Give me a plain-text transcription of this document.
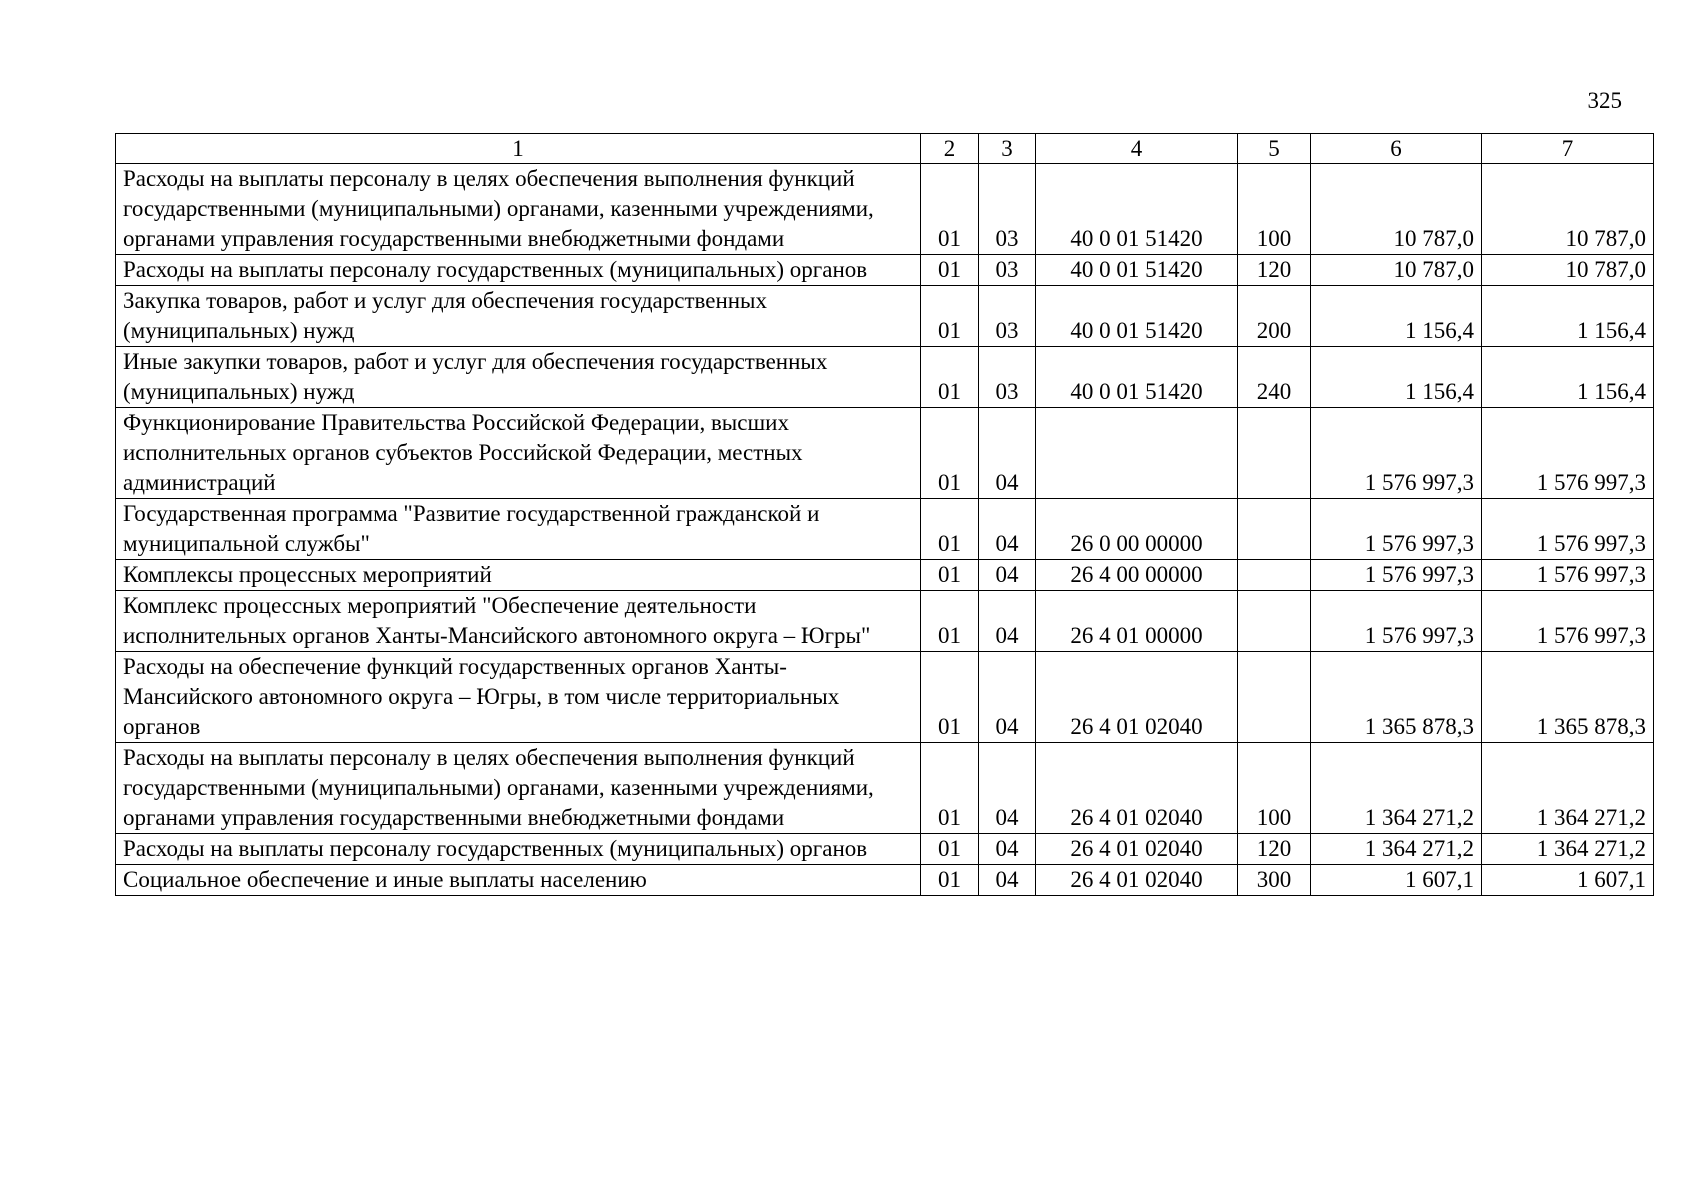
325
1	2	3	4	5	6	7
Расходы на выплаты персоналу в целях обеспечения выполнения функций государственными (муниципальными) органами, казенными учреждениями, органами управления государственными внебюджетными фондами	01	03	40 0 01 51420	100	10 787,0	10 787,0
Расходы на выплаты персоналу государственных (муниципальных) органов	01	03	40 0 01 51420	120	10 787,0	10 787,0
Закупка товаров, работ и услуг для обеспечения государственных (муниципальных) нужд	01	03	40 0 01 51420	200	1 156,4	1 156,4
Иные закупки товаров, работ и услуг для обеспечения государственных (муниципальных) нужд	01	03	40 0 01 51420	240	1 156,4	1 156,4
Функционирование Правительства Российской Федерации, высших исполнительных органов субъектов Российской Федерации, местных администраций	01	04			1 576 997,3	1 576 997,3
Государственная программа "Развитие государственной гражданской и муниципальной службы"	01	04	26 0 00 00000		1 576 997,3	1 576 997,3
Комплексы процессных мероприятий	01	04	26 4 00 00000		1 576 997,3	1 576 997,3
Комплекс процессных мероприятий "Обеспечение деятельности исполнительных органов Ханты-Мансийского автономного округа – Югры"	01	04	26 4 01 00000		1 576 997,3	1 576 997,3
Расходы на обеспечение функций государственных органов Ханты-Мансийского автономного округа – Югры, в том числе территориальных органов	01	04	26 4 01 02040		1 365 878,3	1 365 878,3
Расходы на выплаты персоналу в целях обеспечения выполнения функций государственными (муниципальными) органами, казенными учреждениями, органами управления государственными внебюджетными фондами	01	04	26 4 01 02040	100	1 364 271,2	1 364 271,2
Расходы на выплаты персоналу государственных (муниципальных) органов	01	04	26 4 01 02040	120	1 364 271,2	1 364 271,2
Социальное обеспечение и иные выплаты населению	01	04	26 4 01 02040	300	1 607,1	1 607,1
